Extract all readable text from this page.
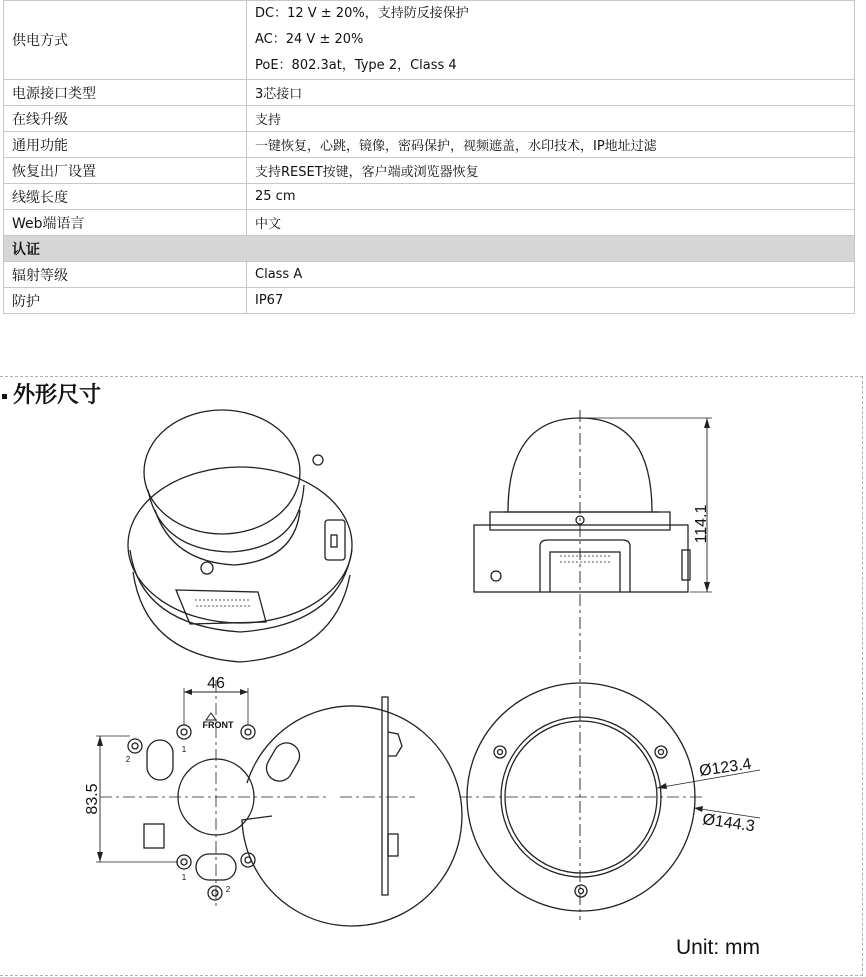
供电方式	DC：12 V ± 20%，支持防反接保护
AC：24 V ± 20%
PoE：802.3at，Type 2，Class 4

电源接口类型	3芯接口
在线升级	支持
通用功能	一键恢复，心跳，镜像，密码保护，视频遮盖，水印技术，IP地址过滤
恢复出厂设置	支持RESET按键，客户端或浏览器恢复
线缆长度	25 cm
Web端语言	中文
认证	
辐射等级	Class A
防护	IP67
外形尺寸
114.1
FRONT
1
2
1
2
46
83.5
Ø123.4
Ø144.3
Unit: mm
